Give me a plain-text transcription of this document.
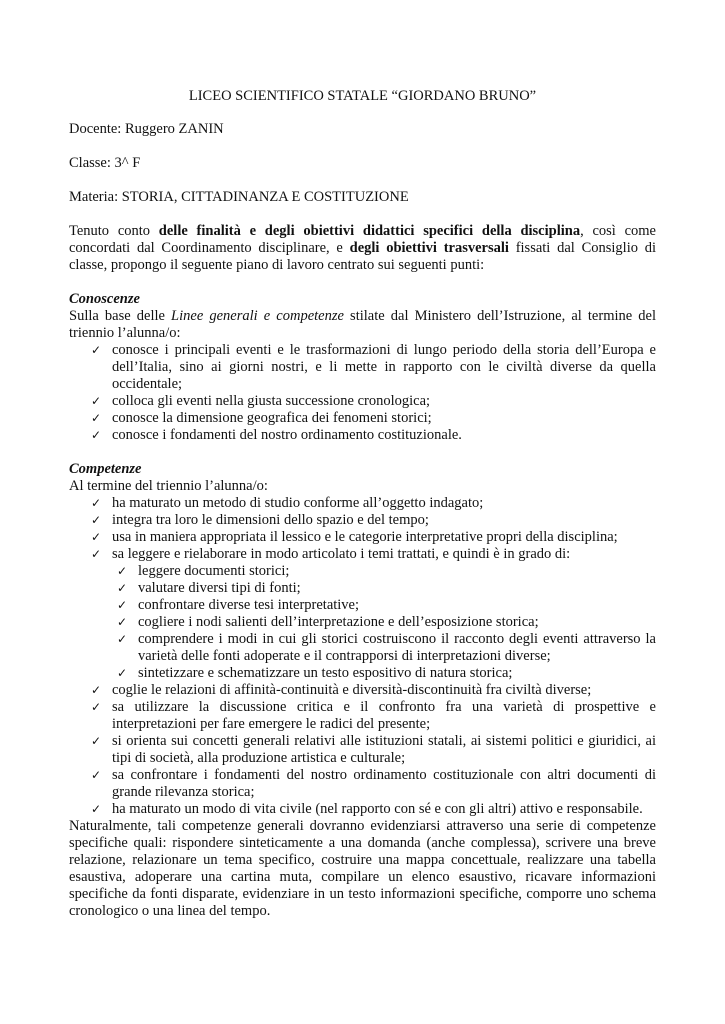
LICEO SCIENTIFICO STATALE “GIORDANO BRUNO”

Docente: Ruggero ZANIN

Classe: 3^ F

Materia: STORIA, CITTADINANZA E COSTITUZIONE

Tenuto conto delle finalità e degli obiettivi didattici specifici della disciplina, così come concordati dal Coordinamento disciplinare, e degli obiettivi trasversali fissati dal Consiglio di classe, propongo il seguente piano di lavoro centrato sui seguenti punti:

Conoscenze

Sulla base delle Linee generali e competenze stilate dal Ministero dell’Istruzione, al termine del triennio l’alunna/o:

✓ conosce i principali eventi e le trasformazioni di lungo periodo della storia dell’Europa e dell’Italia, sino ai giorni nostri, e li mette in rapporto con le civiltà diverse da quella occidentale;
✓ colloca gli eventi nella giusta successione cronologica;
✓ conosce la dimensione geografica dei fenomeni storici;
✓ conosce i fondamenti del nostro ordinamento costituzionale.

Competenze

Al termine del triennio l’alunna/o:

✓ ha maturato un metodo di studio conforme all’oggetto indagato;
✓ integra tra loro le dimensioni dello spazio e del tempo;
✓ usa in maniera appropriata il lessico e le categorie interpretative propri della disciplina;
✓ sa leggere e rielaborare in modo articolato i temi trattati, e quindi è in grado di:
✓ leggere documenti storici;
✓ valutare diversi tipi di fonti;
✓ confrontare diverse tesi interpretative;
✓ cogliere i nodi salienti dell’interpretazione e dell’esposizione storica;
✓ comprendere i modi in cui gli storici costruiscono il racconto degli eventi attraverso la varietà delle fonti adoperate e il contrapporsi di interpretazioni diverse;
✓ sintetizzare e schematizzare un testo espositivo di natura storica;
✓ coglie le relazioni di affinità-continuità e diversità-discontinuità fra civiltà diverse;
✓ sa utilizzare la discussione critica e il confronto fra una varietà di prospettive e interpretazioni per fare emergere le radici del presente;
✓ si orienta sui concetti generali relativi alle istituzioni statali, ai sistemi politici e giuridici, ai tipi di società, alla produzione artistica e culturale;
✓ sa confrontare i fondamenti del nostro ordinamento costituzionale con altri documenti di grande rilevanza storica;
✓ ha maturato un modo di vita civile (nel rapporto con sé e con gli altri) attivo e responsabile.

Naturalmente, tali competenze generali dovranno evidenziarsi attraverso una serie di competenze specifiche quali: rispondere sinteticamente a una domanda (anche complessa), scrivere una breve relazione, relazionare un tema specifico, costruire una mappa concettuale, realizzare una tabella esaustiva, adoperare una cartina muta, compilare un elenco esaustivo, ricavare informazioni specifiche da fonti disparate, evidenziare in un testo informazioni specifiche, comporre uno schema cronologico o una linea del tempo.
